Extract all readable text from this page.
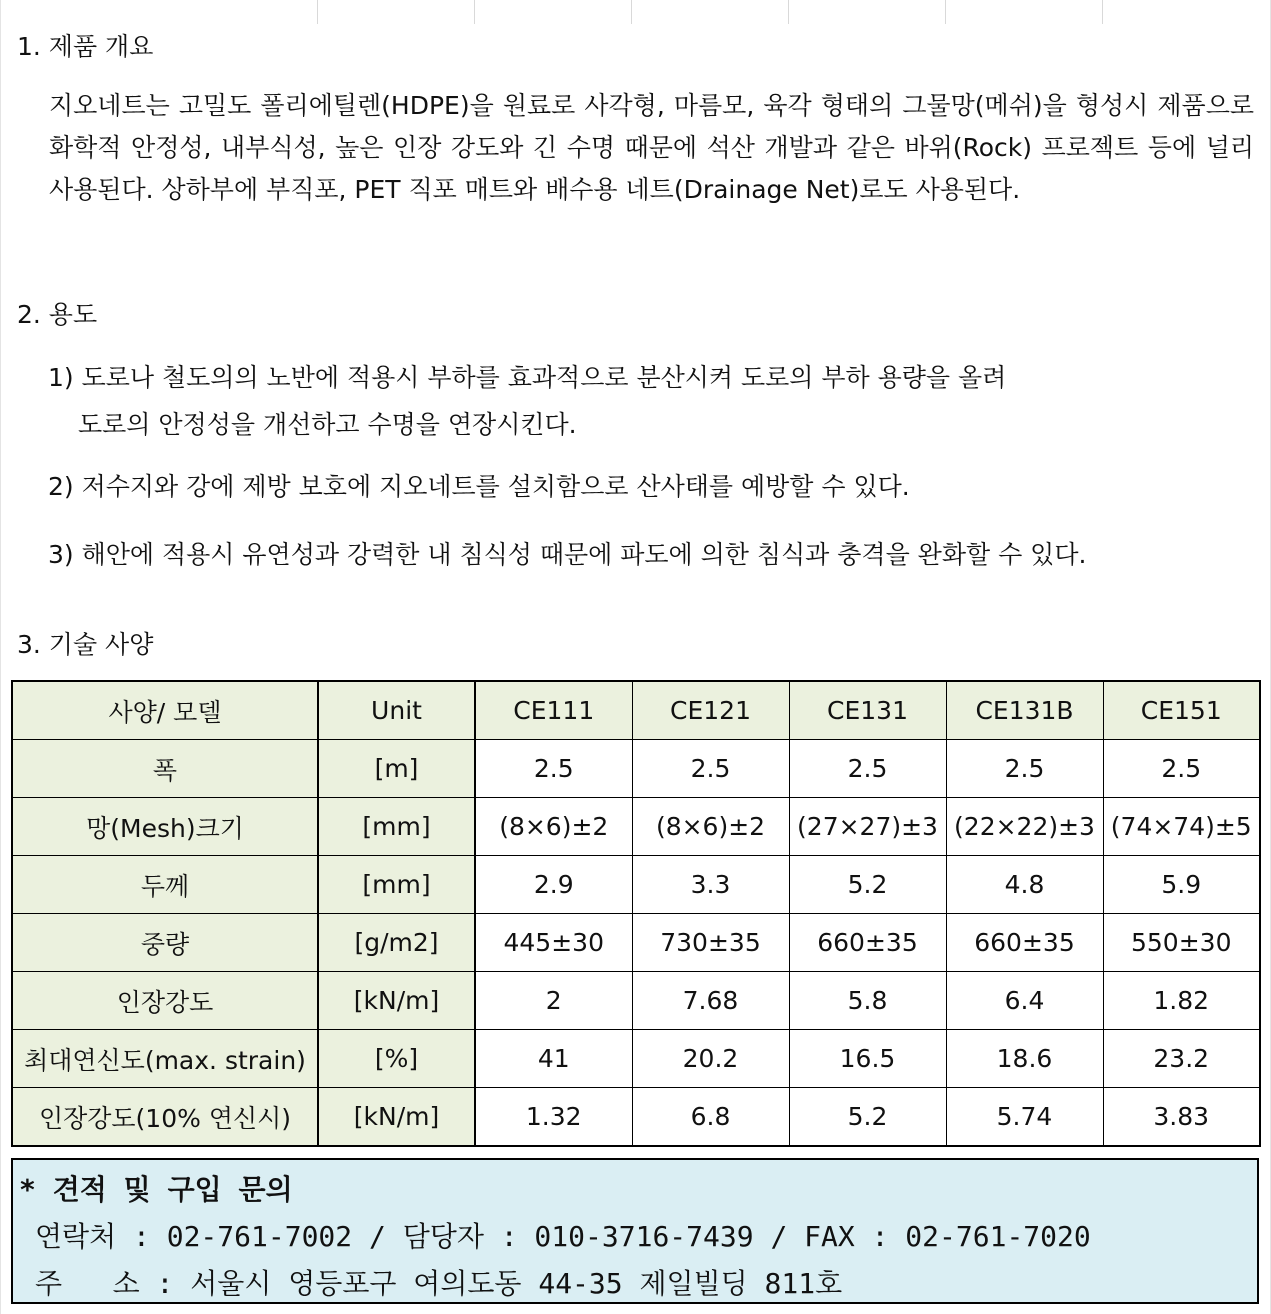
1. 제품 개요
지오네트는 고밀도 폴리에틸렌(HDPE)을 원료로 사각형, 마름모, 육각 형태의 그물망(메쉬)을 형성시 제품으로 화학적 안정성, 내부식성, 높은 인장 강도와 긴 수명 때문에 석산 개발과 같은 바위(Rock) 프로젝트 등에 널리 사용된다. 상하부에 부직포, PET 직포 매트와 배수용 네트(Drainage Net)로도 사용된다.
2. 용도
1) 도로나 철도의의 노반에 적용시 부하를 효과적으로 분산시켜 도로의 부하 용량을 올려
도로의 안정성을 개선하고 수명을 연장시킨다.
2) 저수지와 강에 제방 보호에 지오네트를 설치함으로 산사태를 예방할 수 있다.
3) 해안에 적용시 유연성과 강력한 내 침식성 때문에 파도에 의한 침식과 충격을 완화할 수 있다.
3. 기술 사양
사양/ 모델	Unit	CE111	CE121	CE131	CE131B	CE151
폭	[m]	2.5	2.5	2.5	2.5	2.5
망(Mesh)크기	[mm]	(8×6)±2	(8×6)±2	(27×27)±3	(22×22)±3	(74×74)±5
두께	[mm]	2.9	3.3	5.2	4.8	5.9
중량	[g/m2]	445±30	730±35	660±35	660±35	550±30
인장강도	[kN/m]	2	7.68	5.8	6.4	1.82
최대연신도(max. strain)	[%]	41	20.2	16.5	18.6	23.2
인장강도(10% 연신시)	[kN/m]	1.32	6.8	5.2	5.74	3.83
* 견적 및 구입 문의
연락처 : 02-761-7002 / 담당자 : 010-3716-7439 / FAX : 02-761-7020
주   소 : 서울시 영등포구 여의도동 44-35 제일빌딩 811호
